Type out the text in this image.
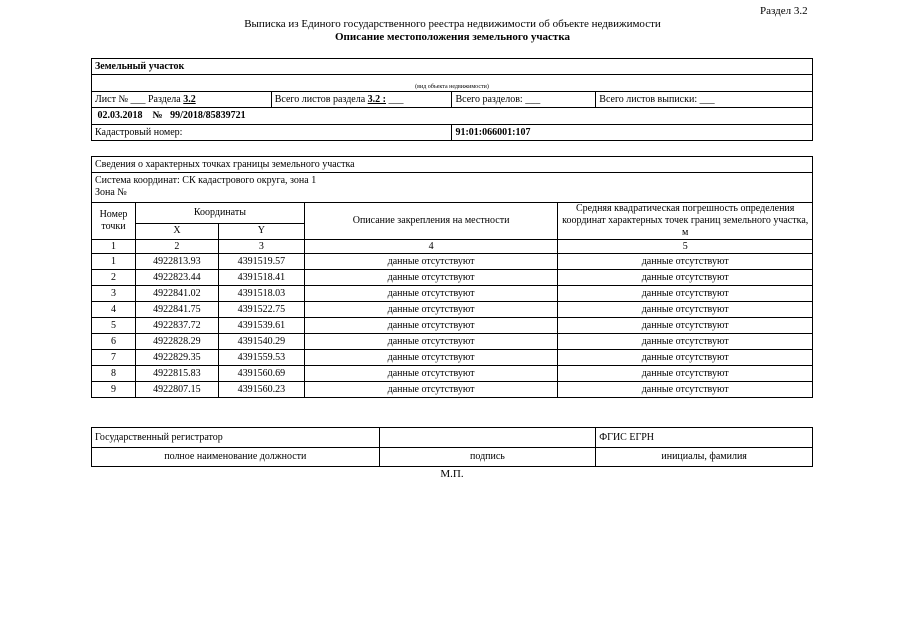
Раздел 3.2
Выписка из Единого государственного реестра недвижимости об объекте недвижимости
Описание местоположения земельного участка
Земельный участок			
(вид объекта недвижимости)			
Лист № ___ Раздела 3.2	Всего листов раздела 3.2 : ___	Всего разделов: ___	Всего листов выписки: ___
02.03.2018 № 99/2018/85839721			
Кадастровый номер:		91:01:066001:107	
Сведения о характерных точках границы земельного участка				

Система координат: СК кадастрового округа, зона 1
Зона №				

Номер точки	Координаты		Описание закрепления на местности	Средняя квадратическая погрешность определения координат характерных точек границ земельного участка, м
	X	Y		
1	2	3	4	5
1	4922813.93	4391519.57	данные отсутствуют	данные отсутствуют
2	4922823.44	4391518.41	данные отсутствуют	данные отсутствуют
3	4922841.02	4391518.03	данные отсутствуют	данные отсутствуют
4	4922841.75	4391522.75	данные отсутствуют	данные отсутствуют
5	4922837.72	4391539.61	данные отсутствуют	данные отсутствуют
6	4922828.29	4391540.29	данные отсутствуют	данные отсутствуют
7	4922829.35	4391559.53	данные отсутствуют	данные отсутствуют
8	4922815.83	4391560.69	данные отсутствуют	данные отсутствуют
9	4922807.15	4391560.23	данные отсутствуют	данные отсутствуют
Государственный регистратор		ФГИС ЕГРН
полное наименование должности	подпись	инициалы, фамилия
М.П.
